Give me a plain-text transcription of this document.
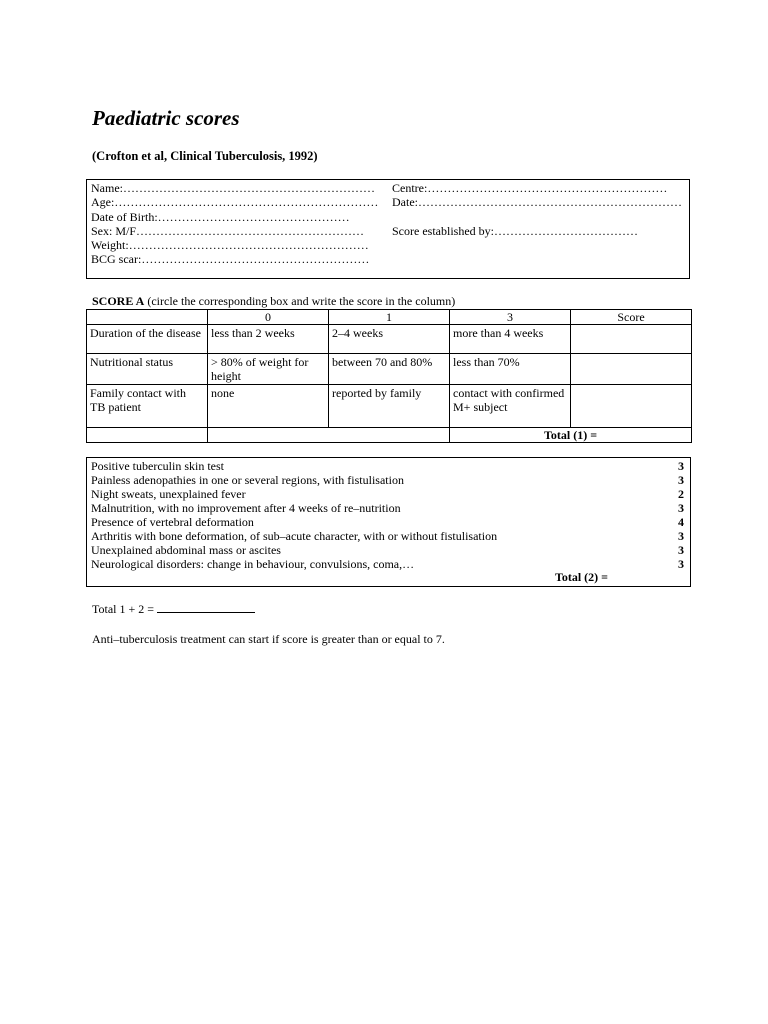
Paediatric scores
(Crofton et al, Clinical Tuberculosis, 1992)
Name:………………………………………………………
Age:…………………………………………………………
Date of Birth:…………………………………………
Sex: M/F…………………………………………………
Weight:……………………………………………………
BCG scar:…………………………………………………
Centre:……………………………………………………
Date:…………………………………………………………
Score established by:………………………………
SCORE A (circle the corresponding box and write the score in the column)
	0	1	3	Score
Duration of the disease	less than 2 weeks	2–4 weeks	more than 4 weeks	
Nutritional status	> 80% of weight for height	between 70 and 80%	less than 70%	
Family contact with TB patient	none	reported by family	contact with confirmed M+ subject	
			Total (1) =	
Positive tuberculin skin test	3
Painless adenopathies in one or several regions, with fistulisation	3
Night sweats, unexplained fever	2
Malnutrition, with no improvement after 4 weeks of re–nutrition	3
Presence of vertebral deformation	4
Arthritis with bone deformation, of sub–acute character, with or without fistulisation	3
Unexplained abdominal mass or ascites	3
Neurological disorders: change in behaviour, convulsions, coma,…	3
Total (2) =
Total 1 + 2 =
Anti–tuberculosis treatment can start if score is greater than or equal to 7.
